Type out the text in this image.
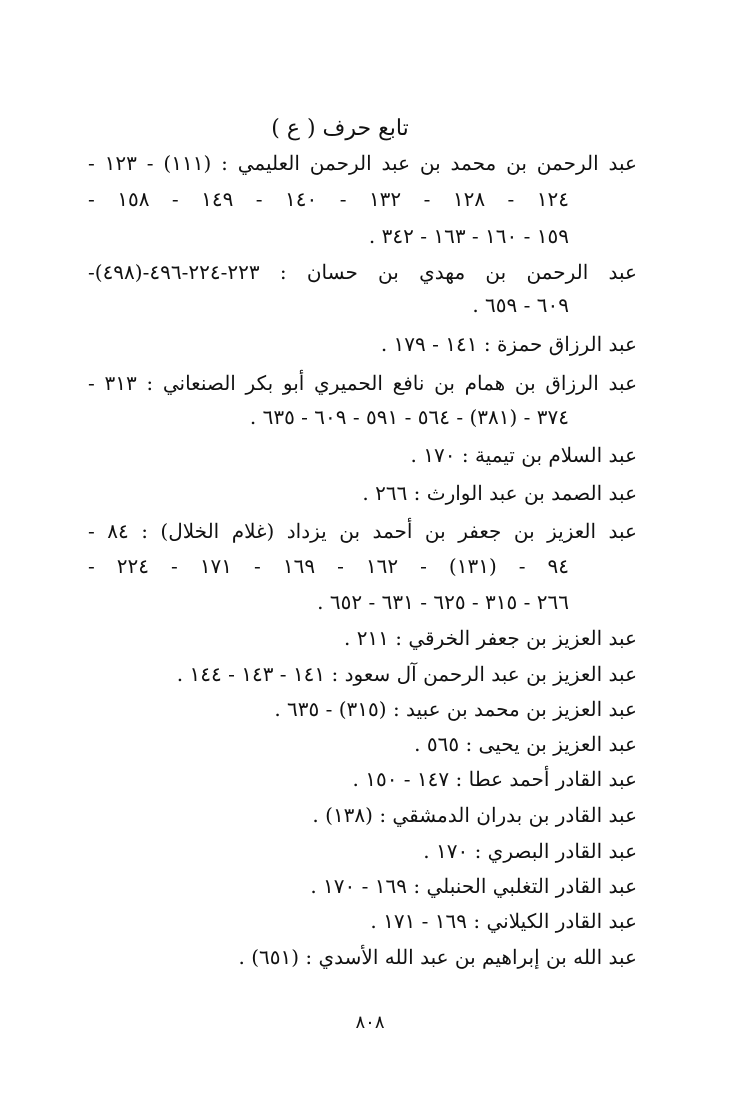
تابع حرف ( ع )
عبد الرحمن بن محمد بن عبد الرحمن العليمي : (١١١) - ١٢٣ -
١٢٤ - ١٢٨ - ١٣٢ - ١٤٠ - ١٤٩ - ١٥٨ -
١٥٩ - ١٦٠ - ١٦٣ - ٣٤٢ .
عبد الرحمن بن مهدي بن حسان : ٢٢٣-٢٢٤-٤٩٦-(٤٩٨)-
٦٠٩ - ٦٥٩ .
عبد الرزاق حمزة : ١٤١ - ١٧٩ .
عبد الرزاق بن همام بن نافع الحميري أبو بكر الصنعاني : ٣١٣ -
٣٧٤ - (٣٨١) - ٥٦٤ - ٥٩١ - ٦٠٩ - ٦٣٥ .
عبد السلام بن تيمية : ١٧٠ .
عبد الصمد بن عبد الوارث : ٢٦٦ .
عبد العزيز بن جعفر بن أحمد بن يزداد (غلام الخلال) : ٨٤ -
٩٤ - (١٣١) - ١٦٢ - ١٦٩ - ١٧١ - ٢٢٤ -
٢٦٦ - ٣١٥ - ٦٢٥ - ٦٣١ - ٦٥٢ .
عبد العزيز بن جعفر الخرقي : ٢١١ .
عبد العزيز بن عبد الرحمن آل سعود : ١٤١ - ١٤٣ - ١٤٤ .
عبد العزيز بن محمد بن عبيد : (٣١٥) - ٦٣٥ .
عبد العزيز بن يحيى : ٥٦٥ .
عبد القادر أحمد عطا : ١٤٧ - ١٥٠ .
عبد القادر بن بدران الدمشقي : (١٣٨) .
عبد القادر البصري : ١٧٠ .
عبد القادر التغلبي الحنبلي : ١٦٩ - ١٧٠ .
عبد القادر الكيلاني : ١٦٩ - ١٧١ .
عبد الله بن إبراهيم بن عبد الله الأسدي : (٦٥١) .
٨٠٨
